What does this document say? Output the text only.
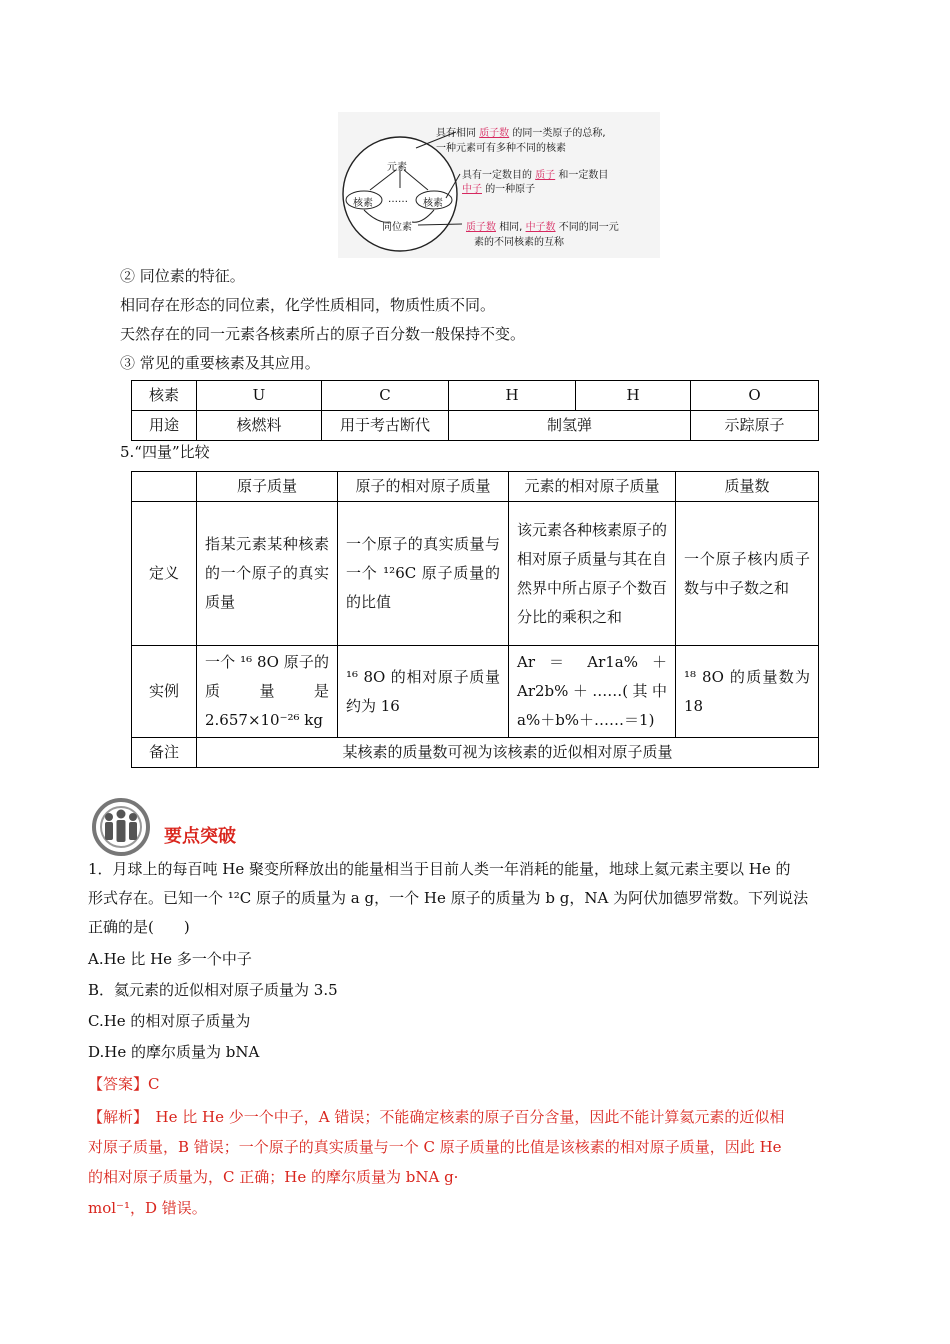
元素
核素 …… 核素
同位素
具有相同 质子数 的同一类原子的总称,
一种元素可有多种不同的核素
具有一定数目的 质子 和一定数目
中子 的一种原子
质子数 相同, 中子数 不同的同一元
素的不同核素的互称
② 同位素的特征。
相同存在形态的同位素，化学性质相同，物质性质不同。
天然存在的同一元素各核素所占的原子百分数一般保持不变。
③ 常见的重要核素及其应用。
核素	U	C	H	H	O
用途	核燃料	用于考古断代	制氢弹		示踪原子
5.“四量”比较
	原子质量	原子的相对原子质量	元素的相对原子质量	质量数
定义	指某元素某种核素的一个原子的真实质量	一个原子的真实质量与一个 ¹²6C 原子质量的的比值	该元素各种核素原子的相对原子质量与其在自然界中所占原子个数百分比的乘积之和	一个原子核内质子数与中子数之和
实例	一个 ¹⁶ 8O 原子的质量是 2.657×10⁻²⁶ kg	¹⁶ 8O 的相对原子质量约为 16	Ar ＝ Ar1a% ＋ Ar2b%＋……(其中 a%＋b%＋……＝1)	¹⁸ 8O 的质量数为 18
备注	某核素的质量数可视为该核素的近似相对原子质量			
要点突破
1．月球上的每百吨 He 聚变所释放出的能量相当于目前人类一年消耗的能量，地球上氦元素主要以 He 的
形式存在。已知一个 ¹²C 原子的质量为 a g，一个 He 原子的质量为 b g，NA 为阿伏加德罗常数。下列说法
正确的是(　　)
A.He 比 He 多一个中子
B．氦元素的近似相对原子质量为 3.5
C.He 的相对原子质量为
D.He 的摩尔质量为 bNA
【答案】C
【解析】　He 比 He 少一个中子，A 错误；不能确定核素的原子百分含量，因此不能计算氦元素的近似相
对原子质量，B 错误；一个原子的真实质量与一个 C 原子质量的比值是该核素的相对原子质量，因此 He
的相对原子质量为，C 正确；He 的摩尔质量为 bNA g·
mol⁻¹，D 错误。
